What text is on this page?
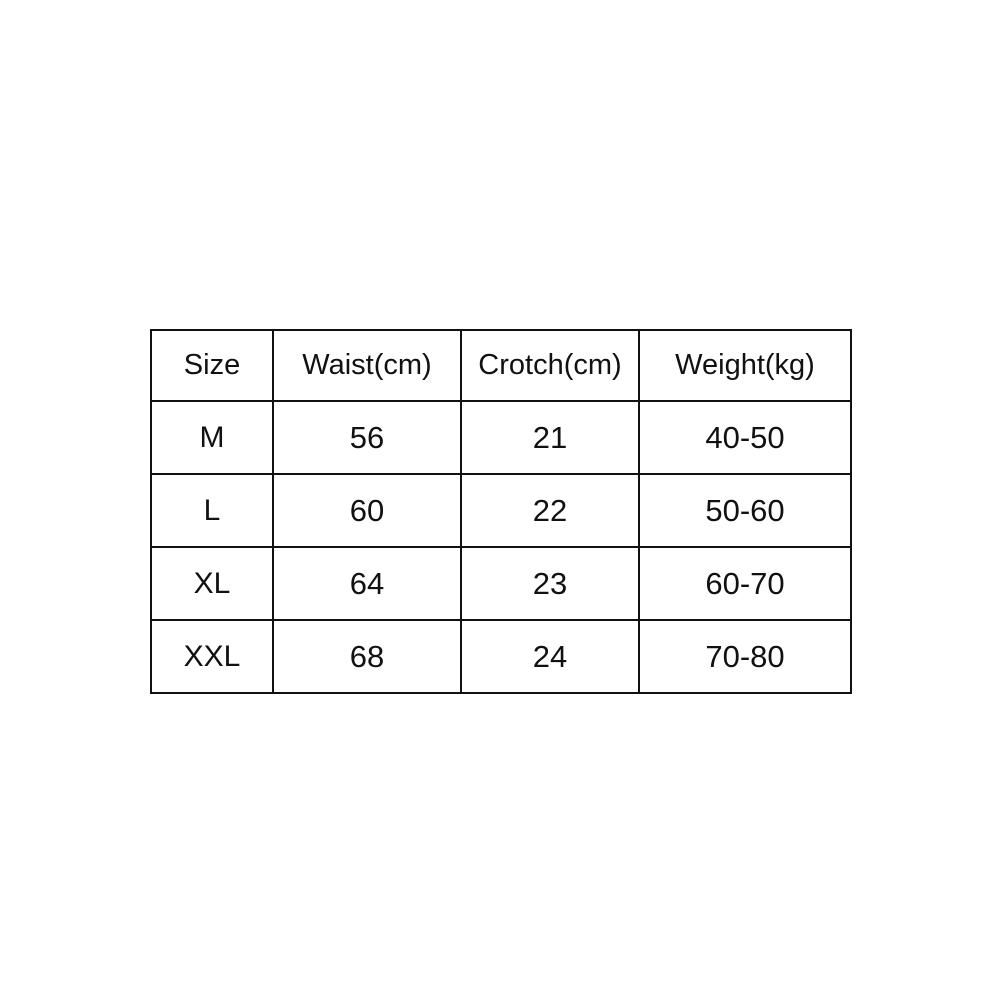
Size	Waist(cm)	Crotch(cm)	Weight(kg)
M	56	21	40-50
L	60	22	50-60
XL	64	23	60-70
XXL	68	24	70-80
